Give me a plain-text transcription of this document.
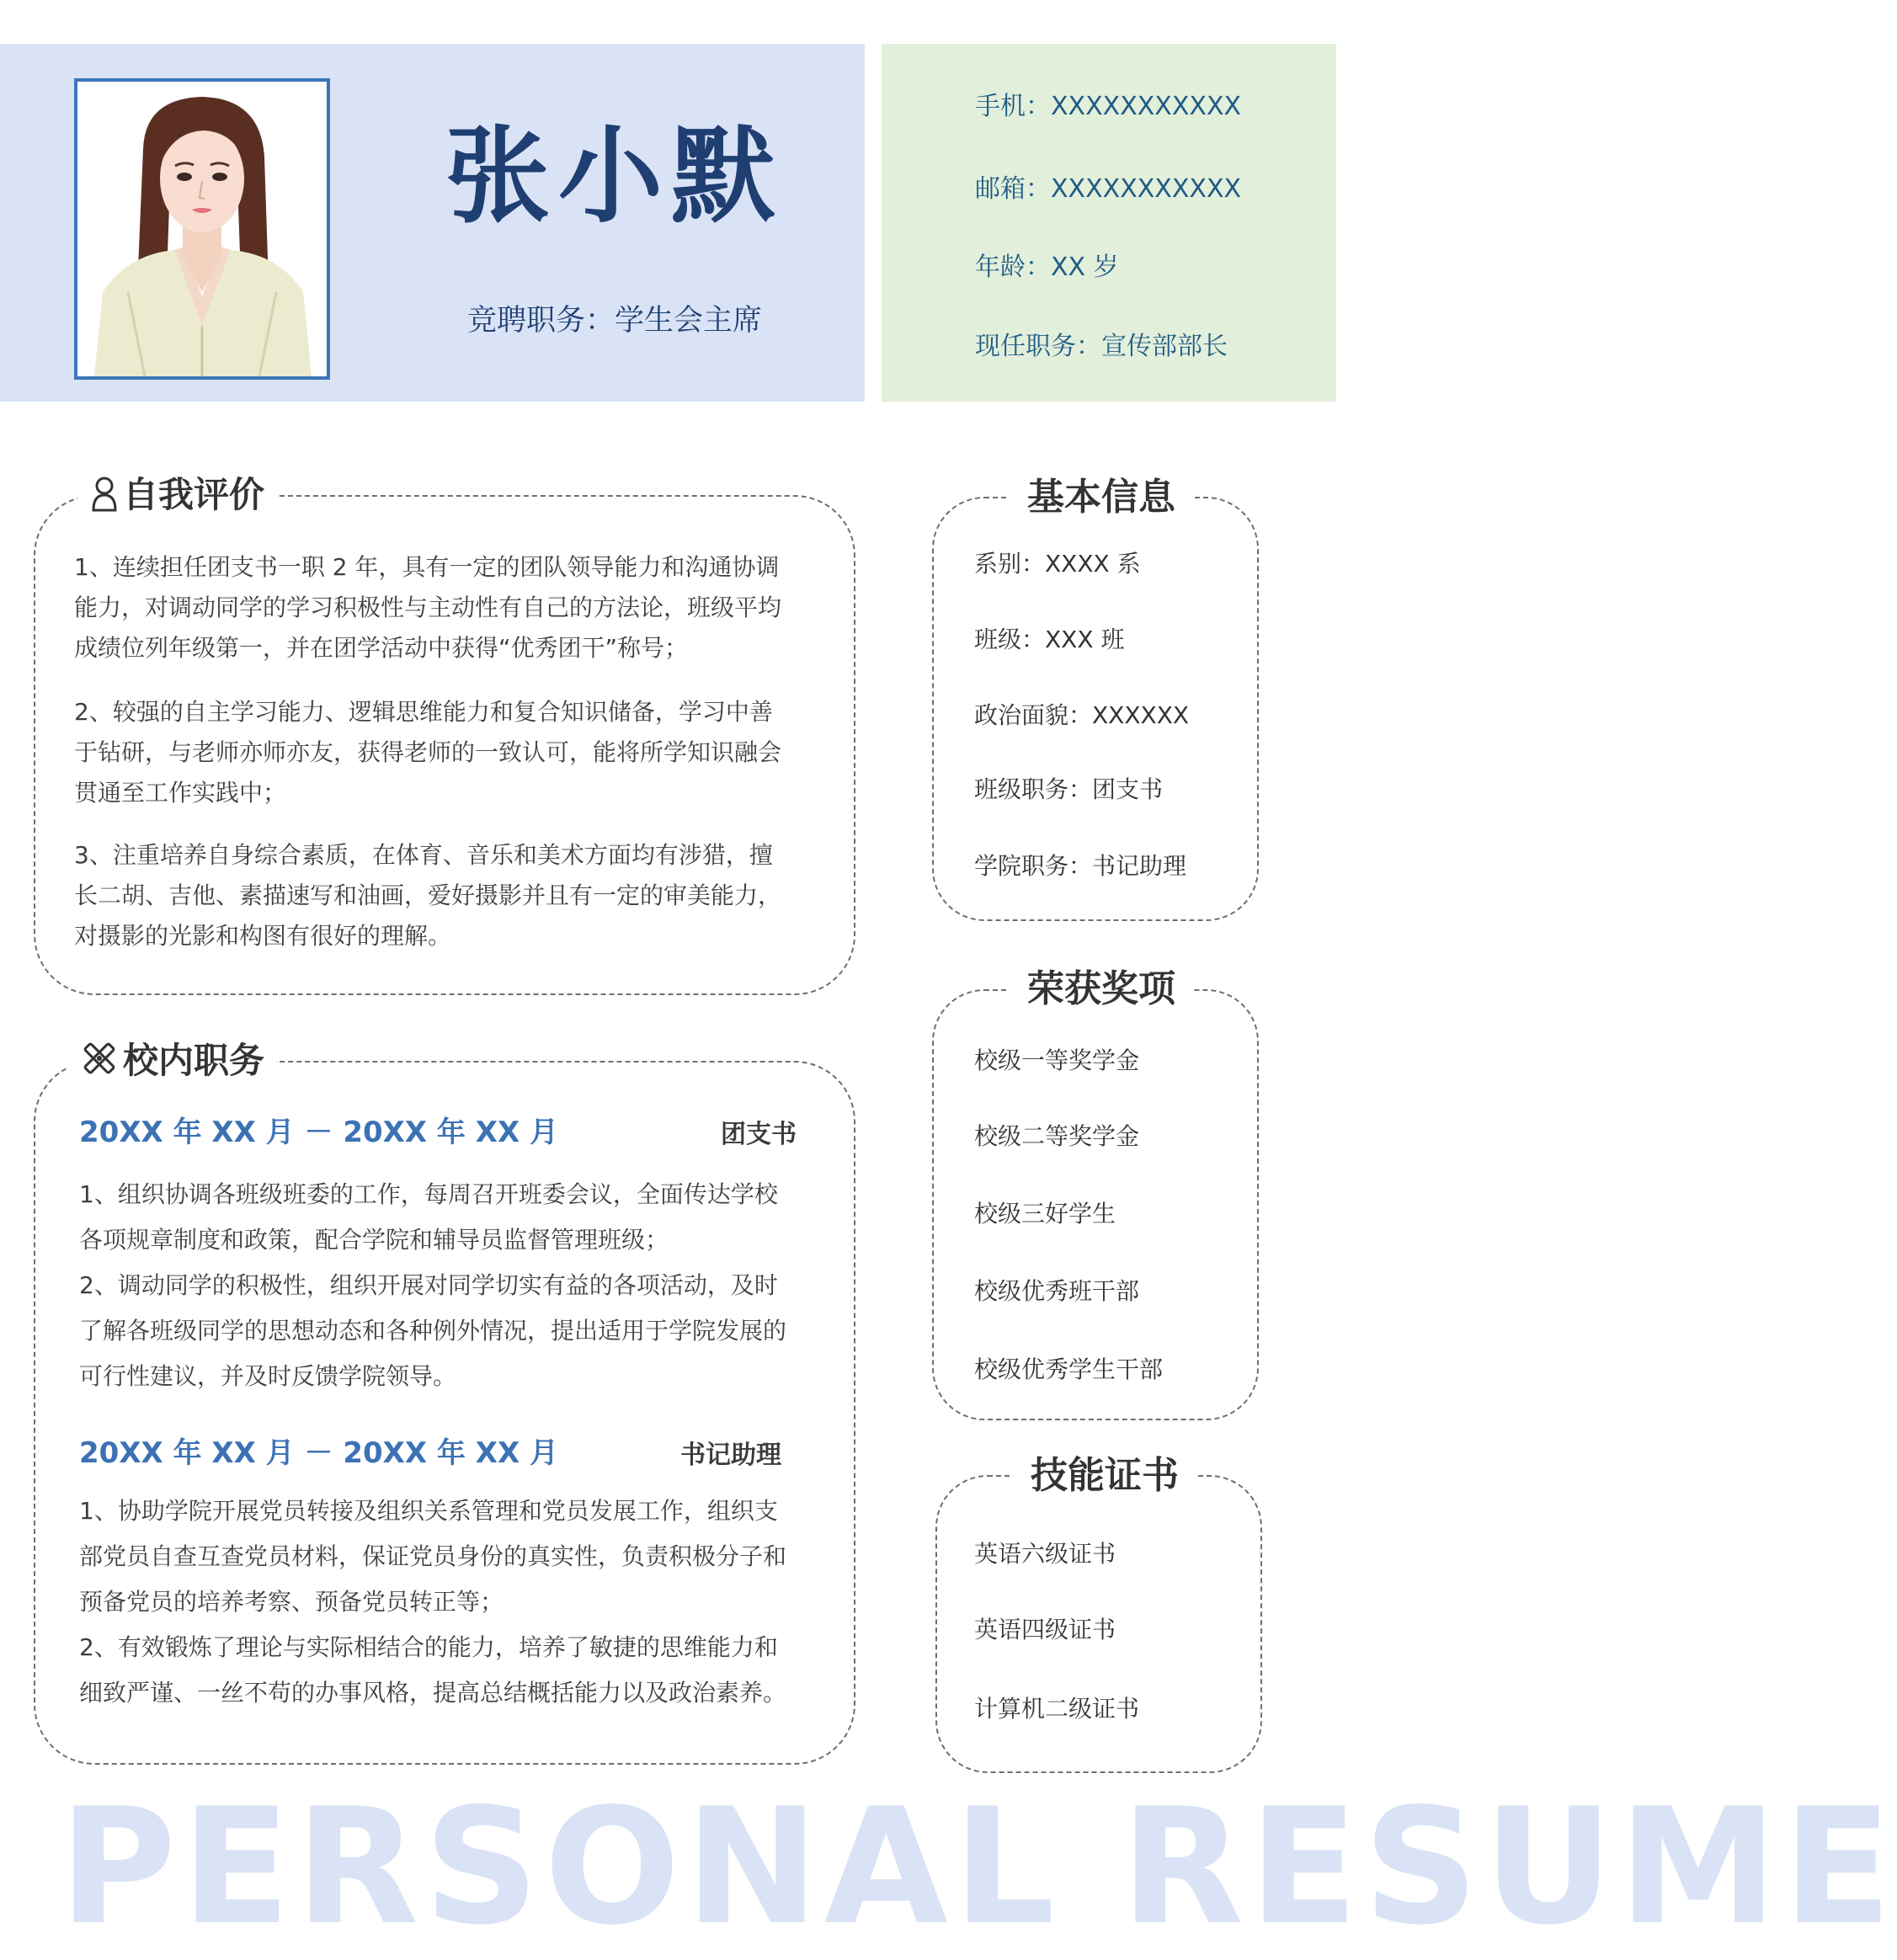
张小默
竞聘职务：学生会主席
手机：XXXXXXXXXXX
邮箱：XXXXXXXXXXX
年龄：XX 岁
现任职务：宣传部部长
自我评价
1、连续担任团支书一职 2 年，具有一定的团队领导能力和沟通协调
能力，对调动同学的学习积极性与主动性有自己的方法论，班级平均
成绩位列年级第一，并在团学活动中获得“优秀团干”称号；
2、较强的自主学习能力、逻辑思维能力和复合知识储备，学习中善
于钻研，与老师亦师亦友，获得老师的一致认可，能将所学知识融会
贯通至工作实践中；
3、注重培养自身综合素质，在体育、音乐和美术方面均有涉猎，擅
长二胡、吉他、素描速写和油画，爱好摄影并且有一定的审美能力，
对摄影的光影和构图有很好的理解。
校内职务
20XX 年 XX 月 － 20XX 年 XX 月	团支书
1、组织协调各班级班委的工作，每周召开班委会议，全面传达学校
各项规章制度和政策，配合学院和辅导员监督管理班级；
2、调动同学的积极性，组织开展对同学切实有益的各项活动，及时
了解各班级同学的思想动态和各种例外情况，提出适用于学院发展的
可行性建议，并及时反馈学院领导。
20XX 年 XX 月 － 20XX 年 XX 月	书记助理
1、协助学院开展党员转接及组织关系管理和党员发展工作，组织支
部党员自查互查党员材料，保证党员身份的真实性，负责积极分子和
预备党员的培养考察、预备党员转正等；
2、有效锻炼了理论与实际相结合的能力，培养了敏捷的思维能力和
细致严谨、一丝不苟的办事风格，提高总结概括能力以及政治素养。
基本信息
系别：XXXX 系
班级：XXX 班
政治面貌：XXXXXX
班级职务：团支书
学院职务：书记助理
荣获奖项
校级一等奖学金
校级二等奖学金
校级三好学生
校级优秀班干部
校级优秀学生干部
技能证书
英语六级证书
英语四级证书
计算机二级证书
PERSONAL RESUME
